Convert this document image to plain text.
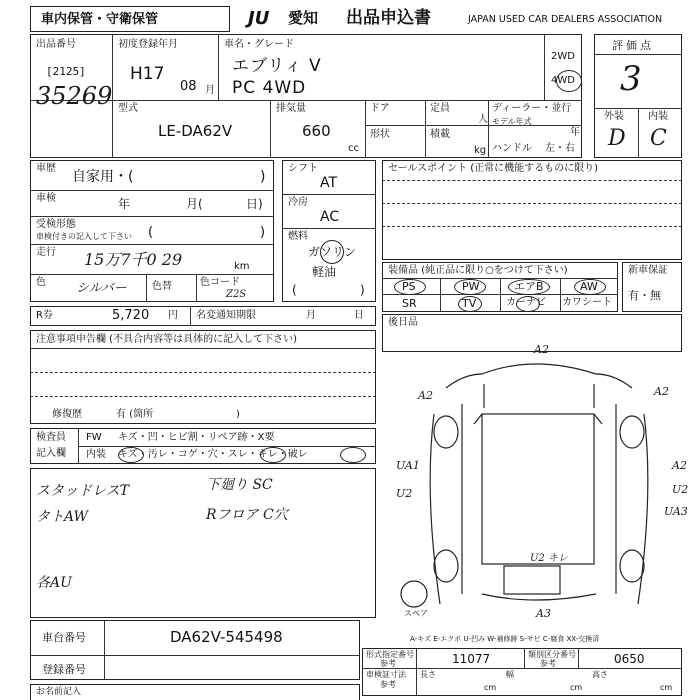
車内保管・守衛保管	JU 愛知 出品申込書	JAPAN USED CAR DEALERS ASSOCIATION
出品番号
[2125]
35269
初度登録年月
H17
08 月
車名・グレード
エブリィ V
PC 4WD
2WD
4WD
評価点
3
外装 内装
D C
型式
LE-DA62V
排気量
660
cc
ドア	定員
人
形状	積載
kg
ディーラー・並行
モデル年式
年
ハンドル 左・右
車歴
自家用・(	)
車検	年	月(	日)
受検形態
車検付きの記入して下さい (	)
走行 15万7千0 29	km
色 シルバー	色替	色コード
Z2S
シフト
AT
冷房
AC
燃料
ガソリン
軽油
(	)
セールスポイント (正常に機能するものに限り)
装備品 (純正品に限り○をつけて下さい)
PS	PW	エアB	AW
SR	TV	カーナビ カワシート
新車保証
有・無
R券	5,720 円 名変通知期限	月	日
後日品
注意事項申告欄 (不具合内容等は具体的に記入して下さい)
修復歴	有 (箇所	)
検査員
記入欄
FW キズ・凹・ヒビ割・リペア跡・X要
内装 キズ・汚レ・コゲ・穴・スレ・キレ・破レ
スタッドレスT	下廻り SC
タトAW	Rフロア C穴
各AU
A2
A2	A2
UA1
U2
A2
U2
UA3
U2 キレ
A3
スペア
A-キズ E-エクボ U-凹み W-補修跡 S-サビ C-腐食 XX-交換済
車台番号	DA62V-545498
登録番号
形式指定番号
参考	11077	類別区分番号
参考	0650
車検証寸法
参考
長さ
cm
幅
cm
高さ
cm
お名前記入
